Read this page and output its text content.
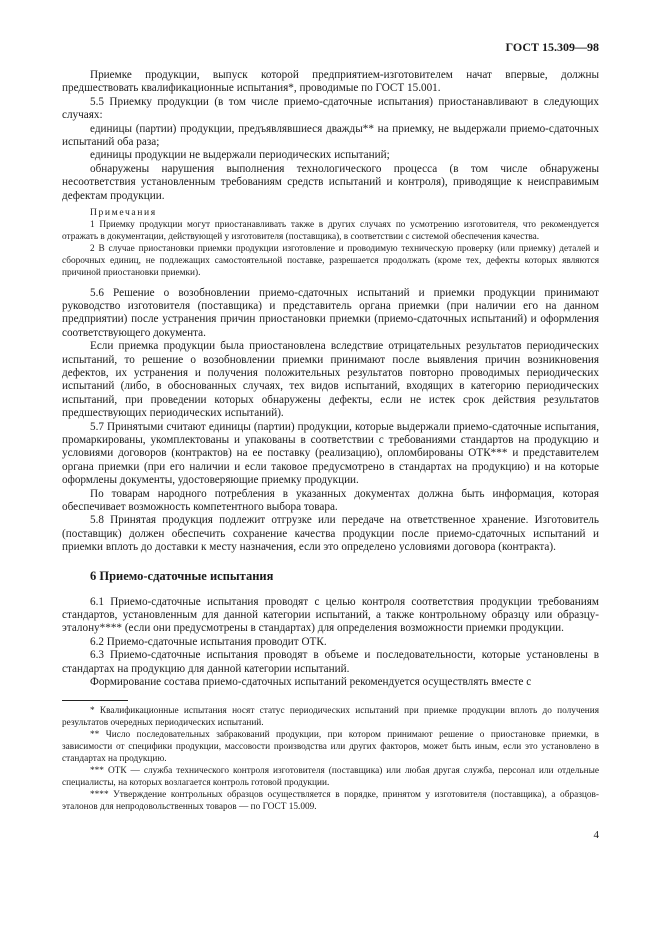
ГОСТ 15.309—98

Приемке продукции, выпуск которой предприятием-изготовителем начат впервые, должны предшествовать квалификационные испытания*, проводимые по ГОСТ 15.001.

5.5 Приемку продукции (в том числе приемо-сдаточные испытания) приостанавливают в следующих случаях:

единицы (партии) продукции, предъявлявшиеся дважды** на приемку, не выдержали приемо-сдаточных испытаний оба раза;

единицы продукции не выдержали периодических испытаний;

обнаружены нарушения выполнения технологического процесса (в том числе обнаружены несоответствия установленным требованиям средств испытаний и контроля), приводящие к неисправимым дефектам продукции.

Примечания

1 Приемку продукции могут приостанавливать также в других случаях по усмотрению изготовителя, что рекомендуется отражать в документации, действующей у изготовителя (поставщика), в соответствии с системой обеспечения качества.

2 В случае приостановки приемки продукции изготовление и проводимую техническую проверку (или приемку) деталей и сборочных единиц, не подлежащих самостоятельной поставке, разрешается продолжать (кроме тех, дефекты которых являются причиной приостановки приемки).

5.6 Решение о возобновлении приемо-сдаточных испытаний и приемки продукции принимают руководство изготовителя (поставщика) и представитель органа приемки (при наличии его на данном предприятии) после устранения причин приостановки приемки (приемо-сдаточных испытаний) и оформления соответствующего документа.

Если приемка продукции была приостановлена вследствие отрицательных результатов периодических испытаний, то решение о возобновлении приемки принимают после выявления причин возникновения дефектов, их устранения и получения положительных результатов повторно проводимых периодических испытаний (либо, в обоснованных случаях, тех видов испытаний, входящих в категорию периодических испытаний, при проведении которых обнаружены дефекты, если не истек срок действия результатов предшествующих периодических испытаний).

5.7 Принятыми считают единицы (партии) продукции, которые выдержали приемо-сдаточные испытания, промаркированы, укомплектованы и упакованы в соответствии с требованиями стандартов на продукцию и условиями договоров (контрактов) на ее поставку (реализацию), опломбированы ОТК*** и представителем органа приемки (при его наличии и если таковое предусмотрено в стандартах на продукцию) и на которые оформлены документы, удостоверяющие приемку продукции.

По товарам народного потребления в указанных документах должна быть информация, которая обеспечивает возможность компетентного выбора товара.

5.8 Принятая продукция подлежит отгрузке или передаче на ответственное хранение. Изготовитель (поставщик) должен обеспечить сохранение качества продукции после приемо-сдаточных испытаний и приемки вплоть до доставки к месту назначения, если это определено условиями договора (контракта).

6 Приемо-сдаточные испытания

6.1 Приемо-сдаточные испытания проводят с целью контроля соответствия продукции требованиям стандартов, установленным для данной категории испытаний, а также контрольному образцу или образцу-эталону**** (если они предусмотрены в стандартах) для определения возможности приемки продукции.

6.2 Приемо-сдаточные испытания проводит ОТК.

6.3 Приемо-сдаточные испытания проводят в объеме и последовательности, которые установлены в стандартах на продукцию для данной категории испытаний.

Формирование состава приемо-сдаточных испытаний рекомендуется осуществлять вместе с

* Квалификационные испытания носят статус периодических испытаний при приемке продукции вплоть до получения результатов очередных периодических испытаний.

** Число последовательных забракований продукции, при котором принимают решение о приостановке приемки, в зависимости от специфики продукции, массовости производства или других факторов, может быть иным, если это установлено в стандартах на продукцию.

*** ОТК — служба технического контроля изготовителя (поставщика) или любая другая служба, персонал или отдельные специалисты, на которых возлагается контроль готовой продукции.

**** Утверждение контрольных образцов осуществляется в порядке, принятом у изготовителя (поставщика), а образцов-эталонов для непродовольственных товаров — по ГОСТ 15.009.

4
